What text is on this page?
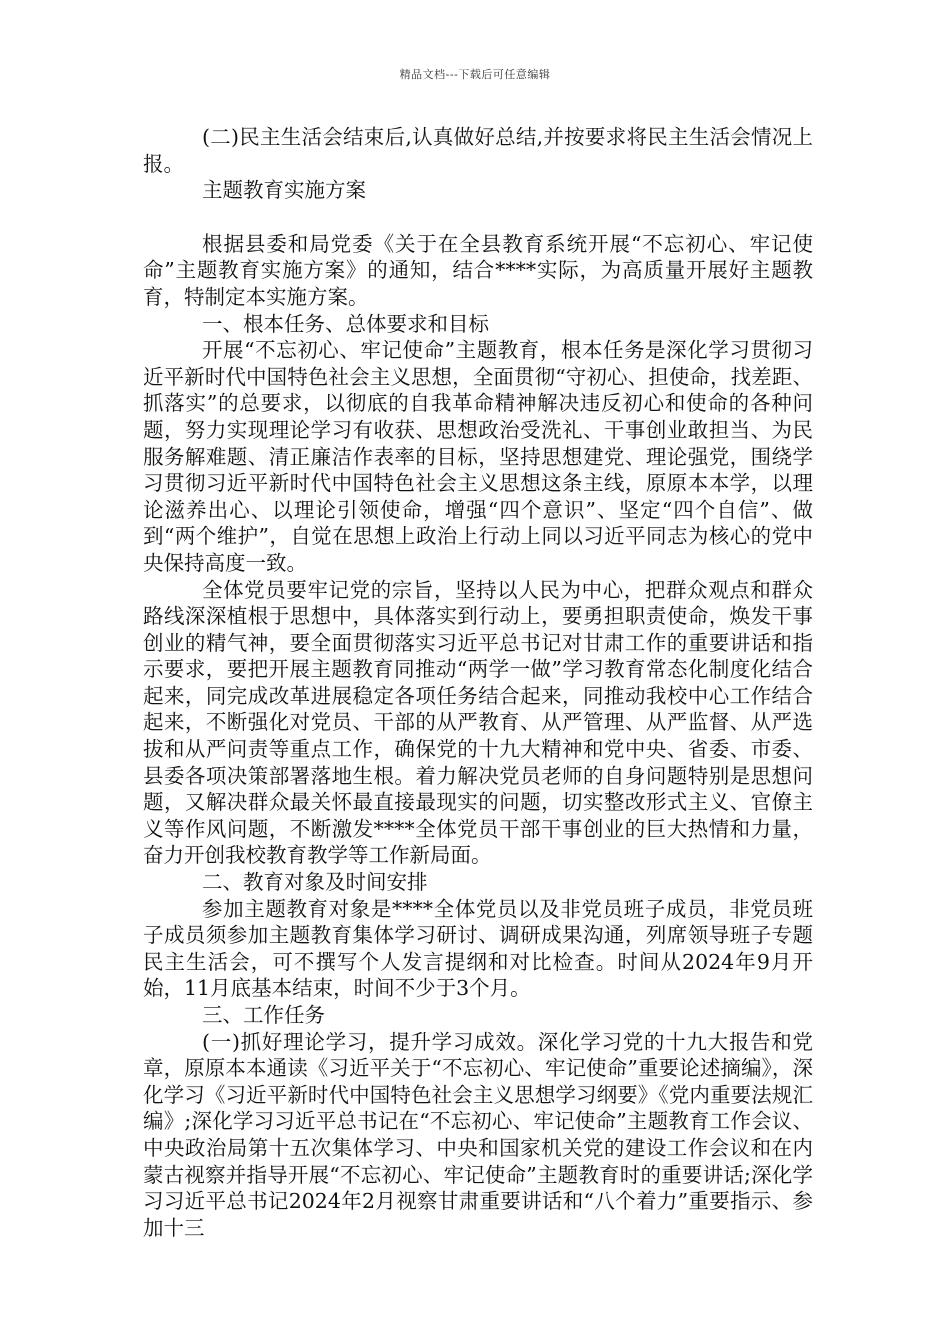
精品文档---下载后可任意编辑

(二)民主生活会结束后,认真做好总结,并按要求将民主生活会情况上报。

主题教育实施方案

根据县委和局党委《关于在全县教育系统开展“不忘初心、牢记使命”主题教育实施方案》的通知，结合****实际，为高质量开展好主题教育，特制定本实施方案。

一、根本任务、总体要求和目标

开展“不忘初心、牢记使命”主题教育，根本任务是深化学习贯彻习近平新时代中国特色社会主义思想，全面贯彻“守初心、担使命，找差距、抓落实”的总要求，以彻底的自我革命精神解决违反初心和使命的各种问题，努力实现理论学习有收获、思想政治受洗礼、干事创业敢担当、为民服务解难题、清正廉洁作表率的目标，坚持思想建党、理论强党，围绕学习贯彻习近平新时代中国特色社会主义思想这条主线，原原本本学，以理论滋养出心、以理论引领使命，增强“四个意识”、坚定“四个自信”、做到“两个维护”，自觉在思想上政治上行动上同以习近平同志为核心的党中央保持高度一致。

全体党员要牢记党的宗旨，坚持以人民为中心，把群众观点和群众路线深深植根于思想中，具体落实到行动上，要勇担职责使命，焕发干事创业的精气神，要全面贯彻落实习近平总书记对甘肃工作的重要讲话和指示要求，要把开展主题教育同推动“两学一做”学习教育常态化制度化结合起来，同完成改革进展稳定各项任务结合起来，同推动我校中心工作结合起来，不断强化对党员、干部的从严教育、从严管理、从严监督、从严选拔和从严问责等重点工作，确保党的十九大精神和党中央、省委、市委、县委各项决策部署落地生根。着力解决党员老师的自身问题特别是思想问题，又解决群众最关怀最直接最现实的问题，切实整改形式主义、官僚主义等作风问题，不断激发****全体党员干部干事创业的巨大热情和力量，奋力开创我校教育教学等工作新局面。

二、教育对象及时间安排

参加主题教育对象是****全体党员以及非党员班子成员，非党员班子成员须参加主题教育集体学习研讨、调研成果沟通，列席领导班子专题民主生活会，可不撰写个人发言提纲和对比检查。时间从2024年9月开始，11月底基本结束，时间不少于3个月。

三、工作任务

(一)抓好理论学习，提升学习成效。深化学习党的十九大报告和党章，原原本本通读《习近平关于“不忘初心、牢记使命”重要论述摘编》，深化学习《习近平新时代中国特色社会主义思想学习纲要》《党内重要法规汇编》;深化学习习近平总书记在“不忘初心、牢记使命”主题教育工作会议、中央政治局第十五次集体学习、中央和国家机关党的建设工作会议和在内蒙古视察并指导开展“不忘初心、牢记使命”主题教育时的重要讲话;深化学习习近平总书记2024年2月视察甘肃重要讲话和“八个着力”重要指示、参加十三
